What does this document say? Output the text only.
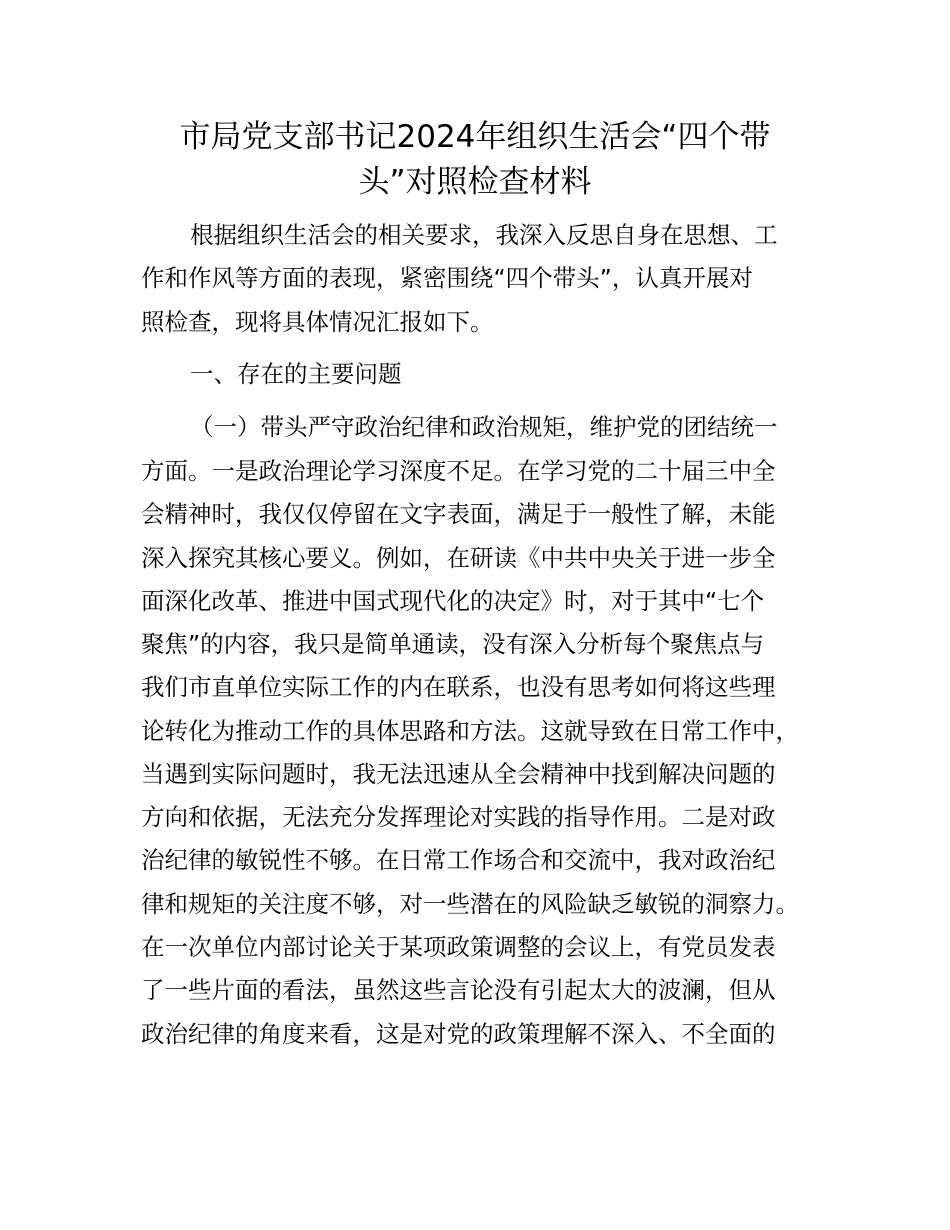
市局党支部书记2024年组织生活会“四个带
头”对照检查材料
根据组织生活会的相关要求，我深入反思自身在思想、工
作和作风等方面的表现，紧密围绕“四个带头”，认真开展对
照检查，现将具体情况汇报如下。
一、存在的主要问题
（一）带头严守政治纪律和政治规矩，维护党的团结统一
方面。一是政治理论学习深度不足。在学习党的二十届三中全
会精神时，我仅仅停留在文字表面，满足于一般性了解，未能
深入探究其核心要义。例如，在研读《中共中央关于进一步全
面深化改革、推进中国式现代化的决定》时，对于其中“七个
聚焦”的内容，我只是简单通读，没有深入分析每个聚焦点与
我们市直单位实际工作的内在联系，也没有思考如何将这些理
论转化为推动工作的具体思路和方法。这就导致在日常工作中，
当遇到实际问题时，我无法迅速从全会精神中找到解决问题的
方向和依据，无法充分发挥理论对实践的指导作用。二是对政
治纪律的敏锐性不够。在日常工作场合和交流中，我对政治纪
律和规矩的关注度不够，对一些潜在的风险缺乏敏锐的洞察力。
在一次单位内部讨论关于某项政策调整的会议上，有党员发表
了一些片面的看法，虽然这些言论没有引起太大的波澜，但从
政治纪律的角度来看，这是对党的政策理解不深入、不全面的
